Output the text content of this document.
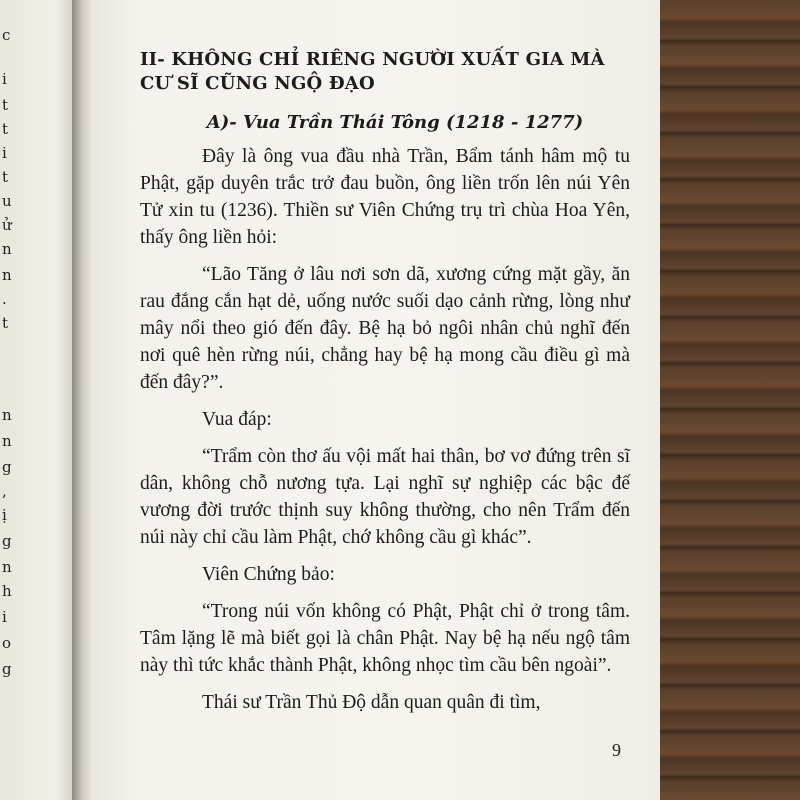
c
i
t
t
i
t
u
ử
n
n
.
t
n
n
g
,
ị
g
n
h
i
o
g
II- KHÔNG CHỈ RIÊNG NGƯỜI XUẤT GIA MÀ
CƯ SĨ CŨNG NGỘ ĐẠO
A)- Vua Trần Thái Tông (1218 - 1277)

Đây là ông vua đầu nhà Trần, Bẩm tánh hâm mộ tu Phật, gặp duyên trắc trở đau buồn, ông liền trốn lên núi Yên Tử xin tu (1236). Thiền sư Viên Chứng trụ trì chùa Hoa Yên, thấy ông liền hỏi:

“Lão Tăng ở lâu nơi sơn dã, xương cứng mặt gầy, ăn rau đắng cắn hạt dẻ, uống nước suối dạo cảnh rừng, lòng như mây nổi theo gió đến đây. Bệ hạ bỏ ngôi nhân chủ nghĩ đến nơi quê hèn rừng núi, chẳng hay bệ hạ mong cầu điều gì mà đến đây?”.

Vua đáp:

“Trẩm còn thơ ấu vội mất hai thân, bơ vơ đứng trên sĩ dân, không chỗ nương tựa. Lại nghĩ sự nghiệp các bậc đế vương đời trước thịnh suy không thường, cho nên Trẩm đến núi này chỉ cầu làm Phật, chớ không cầu gì khác”.

Viên Chứng bảo:

“Trong núi vốn không có Phật, Phật chỉ ở trong tâm. Tâm lặng lẽ mà biết gọi là chân Phật. Nay bệ hạ nếu ngộ tâm này thì tức khắc thành Phật, không nhọc tìm cầu bên ngoài”.

Thái sư Trần Thủ Độ dẫn quan quân đi tìm,

9
